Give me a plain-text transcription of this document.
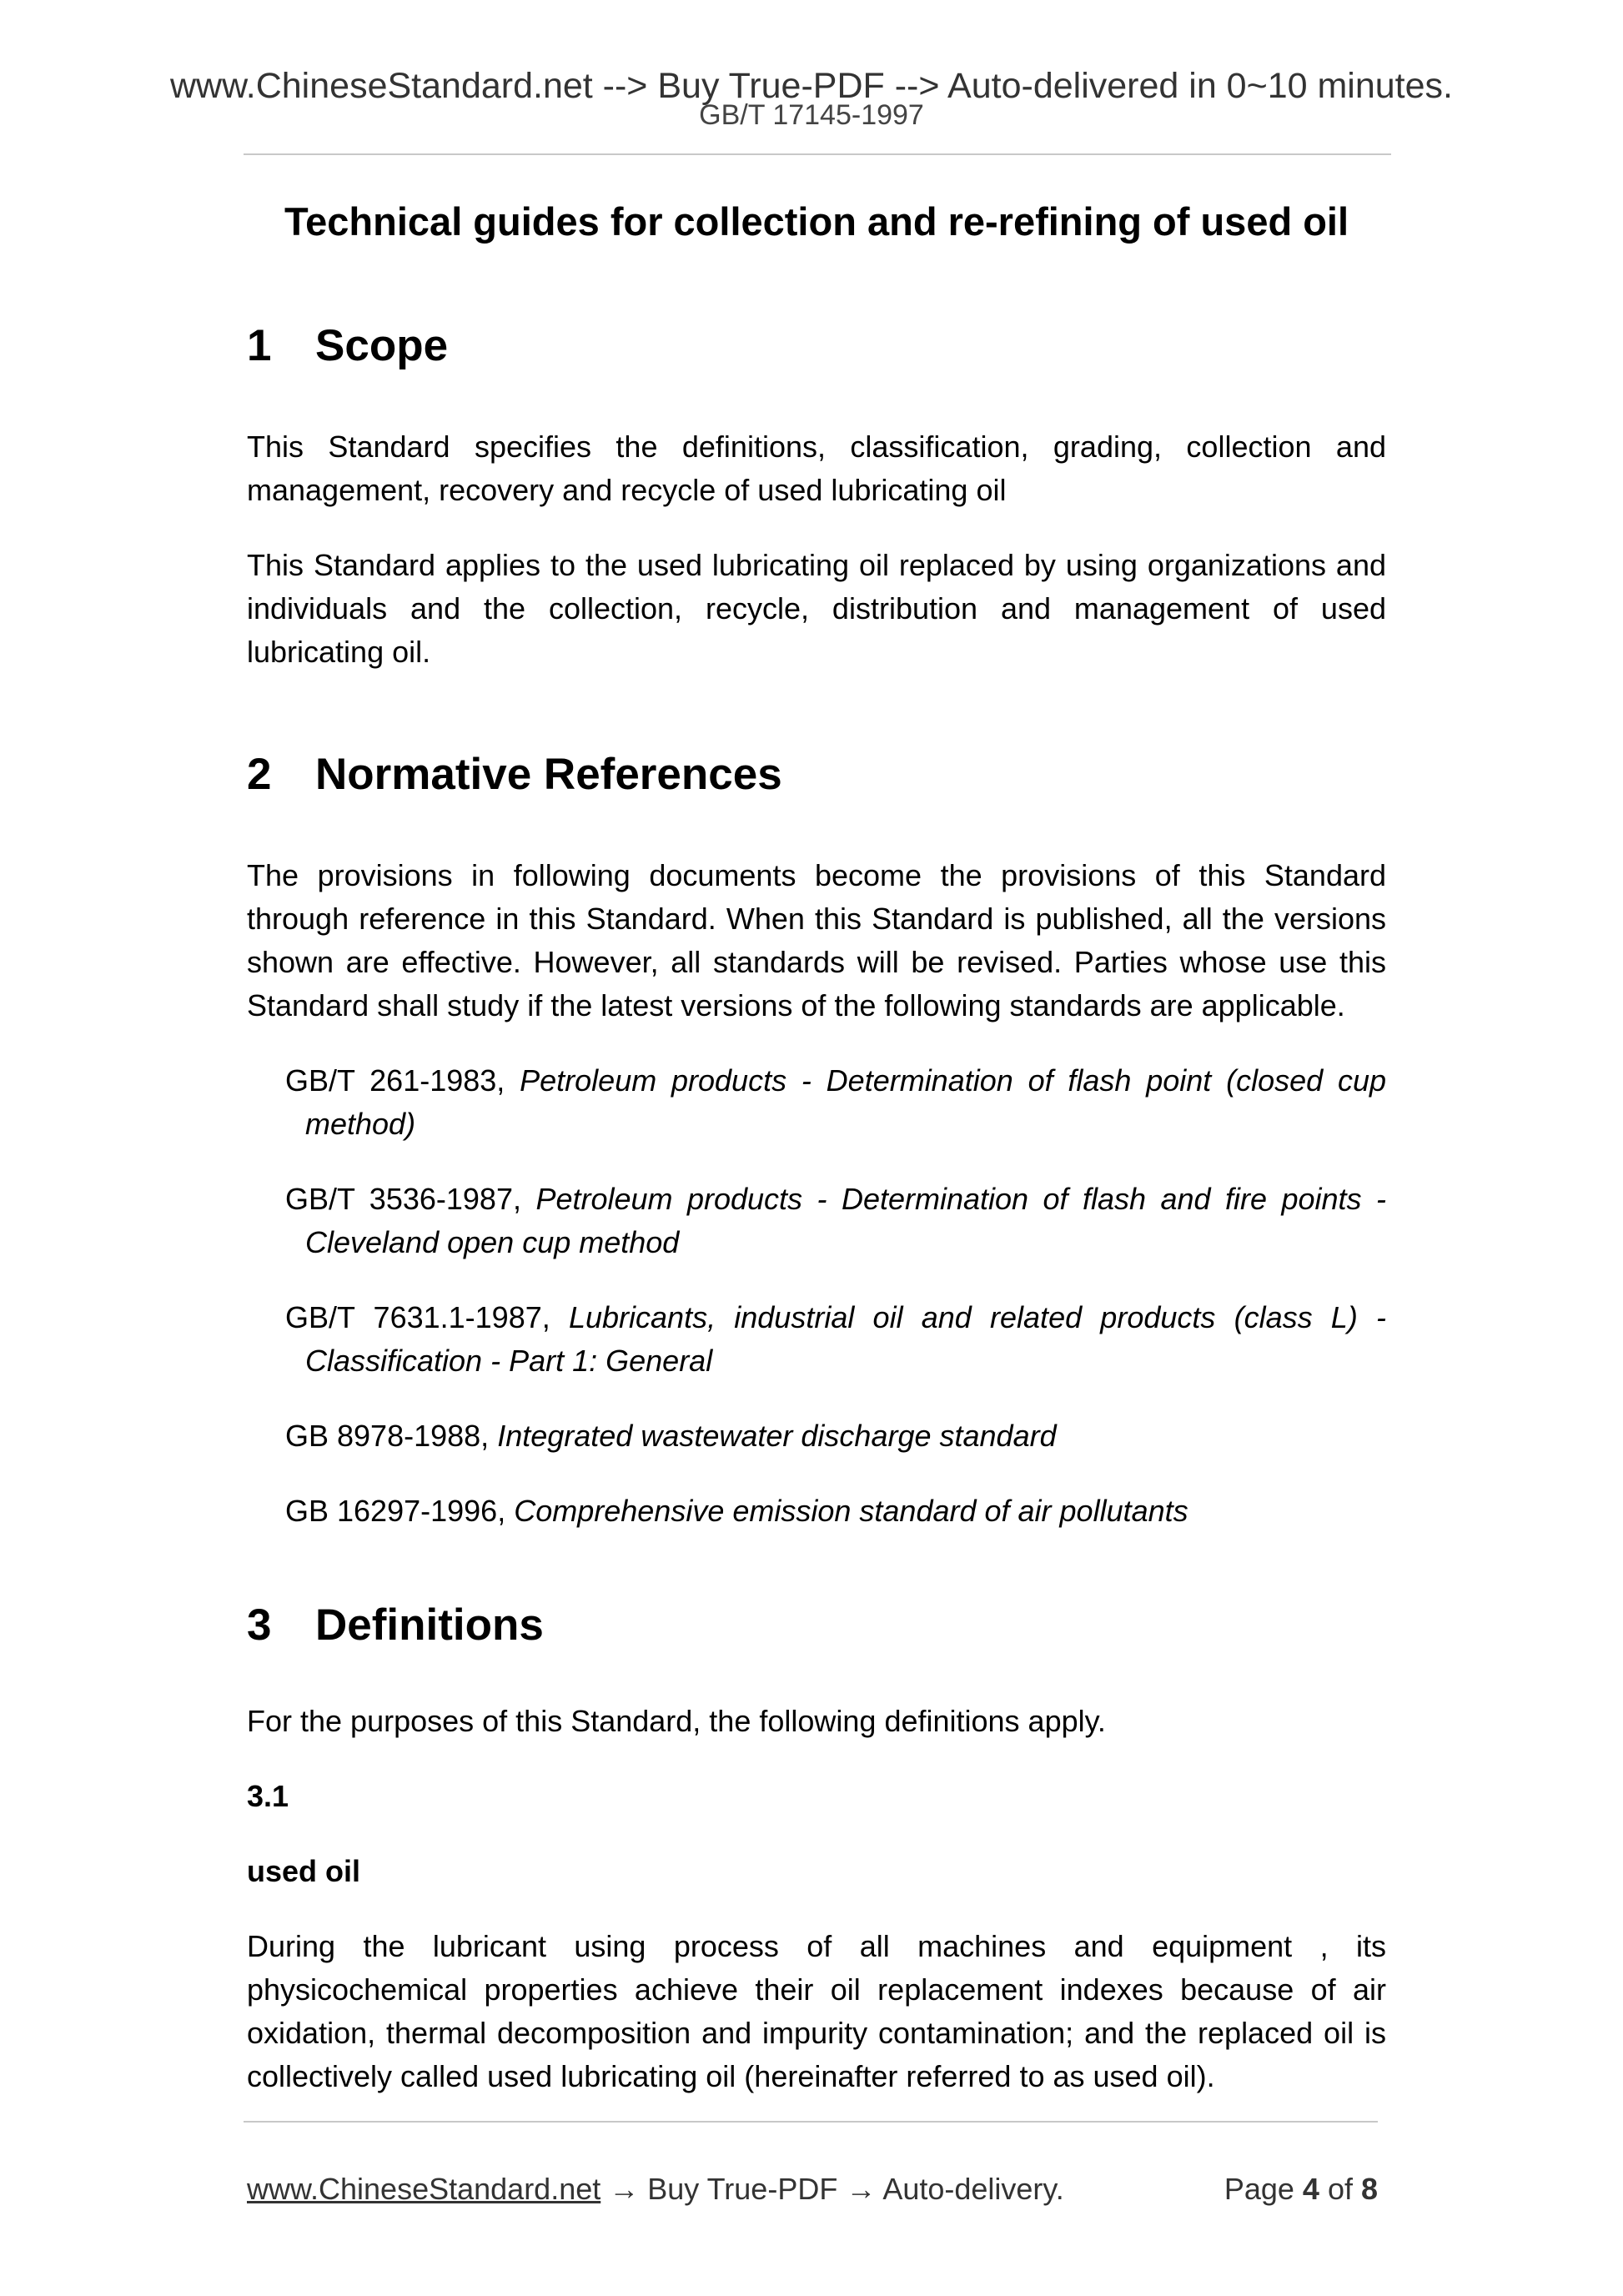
www.ChineseStandard.net --> Buy True-PDF --> Auto-delivered in 0~10 minutes.
GB/T 17145-1997
Technical guides for collection and re-refining of used oil
1 Scope

This Standard specifies the definitions, classification, grading, collection and management, recovery and recycle of used lubricating oil

This Standard applies to the used lubricating oil replaced by using organizations and individuals and the collection, recycle, distribution and management of used lubricating oil.

2 Normative References

The provisions in following documents become the provisions of this Standard through reference in this Standard. When this Standard is published, all the versions shown are effective. However, all standards will be revised. Parties whose use this Standard shall study if the latest versions of the following standards are applicable.

GB/T 261-1983, Petroleum products - Determination of flash point (closed cup method)

GB/T 3536-1987, Petroleum products - Determination of flash and fire points - Cleveland open cup method

GB/T 7631.1-1987, Lubricants, industrial oil and related products (class L) - Classification - Part 1: General

GB 8978-1988, Integrated wastewater discharge standard

GB 16297-1996, Comprehensive emission standard of air pollutants

3 Definitions

For the purposes of this Standard, the following definitions apply.

3.1

used oil

During the lubricant using process of all machines and equipment , its physicochemical properties achieve their oil replacement indexes because of air oxidation, thermal decomposition and impurity contamination; and the replaced oil is collectively called used lubricating oil (hereinafter referred to as used oil).

www.ChineseStandard.net → Buy True-PDF → Auto-delivery.	Page 4 of 8
